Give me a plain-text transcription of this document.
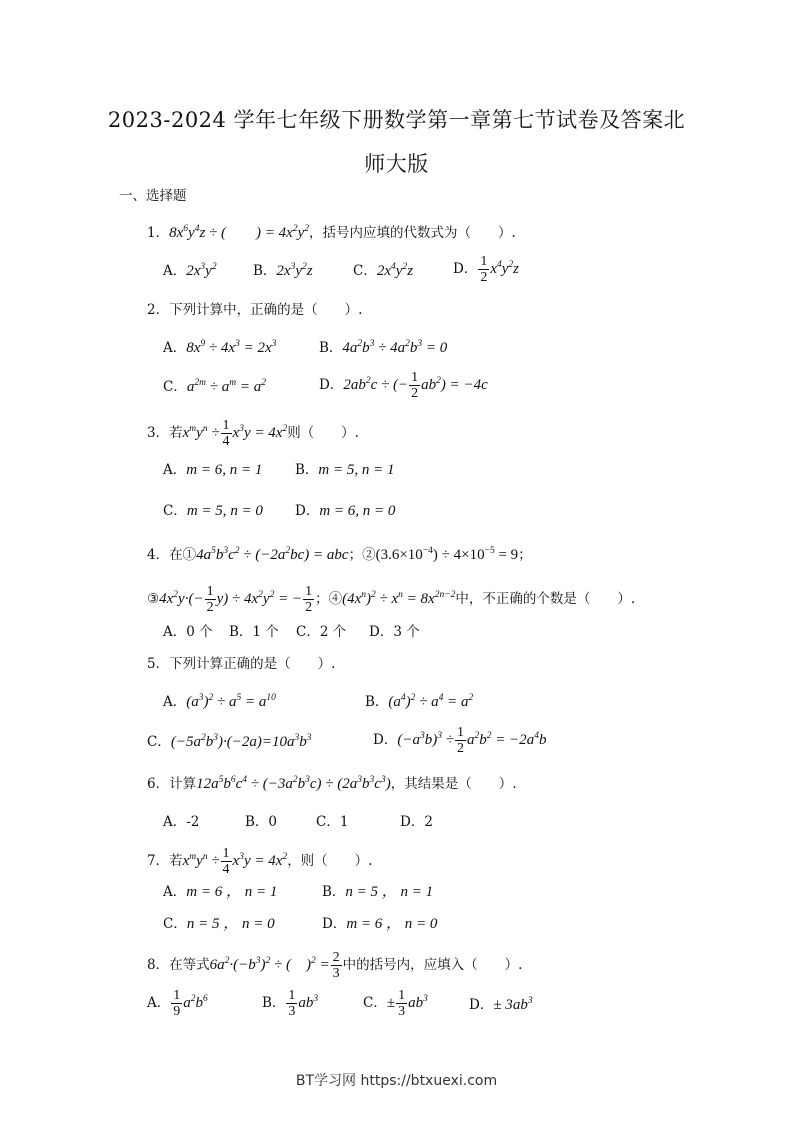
2023-2024 学年七年级下册数学第一章第七节试卷及答案北
师大版
一、选择题
1．$8x^6y^4z$ ÷ (　　) = $4x^2y^2$，括号内应填的代数式为（　　）.
A．$2x^3y^2$	B．$2x^3y^2z$	C．$2x^4y^2z$	D． $\frac{1}{2} x^4y^2z$
2．下列计算中，正确的是（　　）.
A．$8x^9 \div 4x^3 = 2x^3$	B．$4a^2b^3 \div 4a^2b^3 = 0$
C．$a^{2m} \div a^m = a^2$	D．$2ab^2c$ ÷ (− $\frac{1}{2} ab^2) = -4c$
3．若$x^my^n \div \frac{1}{4} x^3y = 4x^2$则（　　）.
A．m = 6, n = 1 B．m = 5, n = 1
C．m = 5, n = 0 D．m = 6, n = 0
4．在$①4a^5b^3c^2 \div (-2a^2bc)$ = abc；$②(3.6\times 10^{-4}) \div 4\times 10^{-5} = 9$；
$③4x^2y\cdot(- \frac{1}{2} y) \div 4x^2y^2$ = − $\frac{1}{2}$ ；$④(4x^n)^2 \div x^n = 8x^{2n-2}$中，不正确的个数是（　　）.
A．0 个 B．1 个 C．2 个 D．3 个
5．下列计算正确的是（　　）.
A．$(a^3)^2 \div a^5 = a^{10}$	B．$(a^4)^2 \div a^4 = a^2$
C．$(-5a^2b^3)\cdot(-2a)=10a^3b^3$	D．$(-a^3b)^3 \div \frac{1}{2} a^2b^2 = -2a^4b$
6．计算$12a^5b^6c^4 \div (-3a^2b^3c) \div (2a^3b^3c^3)$，其结果是（　　）.
A．-2	B．0	C．1	D．2
7．若$x^my^n \div \frac{1}{4} x^3y = 4x^2$，则（　　）.
A．m = 6 ， n = 1	B．n = 5 ， n = 1
C．n = 5 ， n = 0	D．m = 6 ， n = 0
8．在等式$6a^2\cdot(-b^3)^2$ ÷ (　)$^2 = \frac{2}{3}$ 中的括号内，应填入（　　）.
A． $\frac{1}{9} a^2b^6$	B． $\frac{1}{3} ab^3$	C．± $\frac{1}{3} ab^3$	D．± $3ab^3$
BT学习网 https://btxuexi.com
